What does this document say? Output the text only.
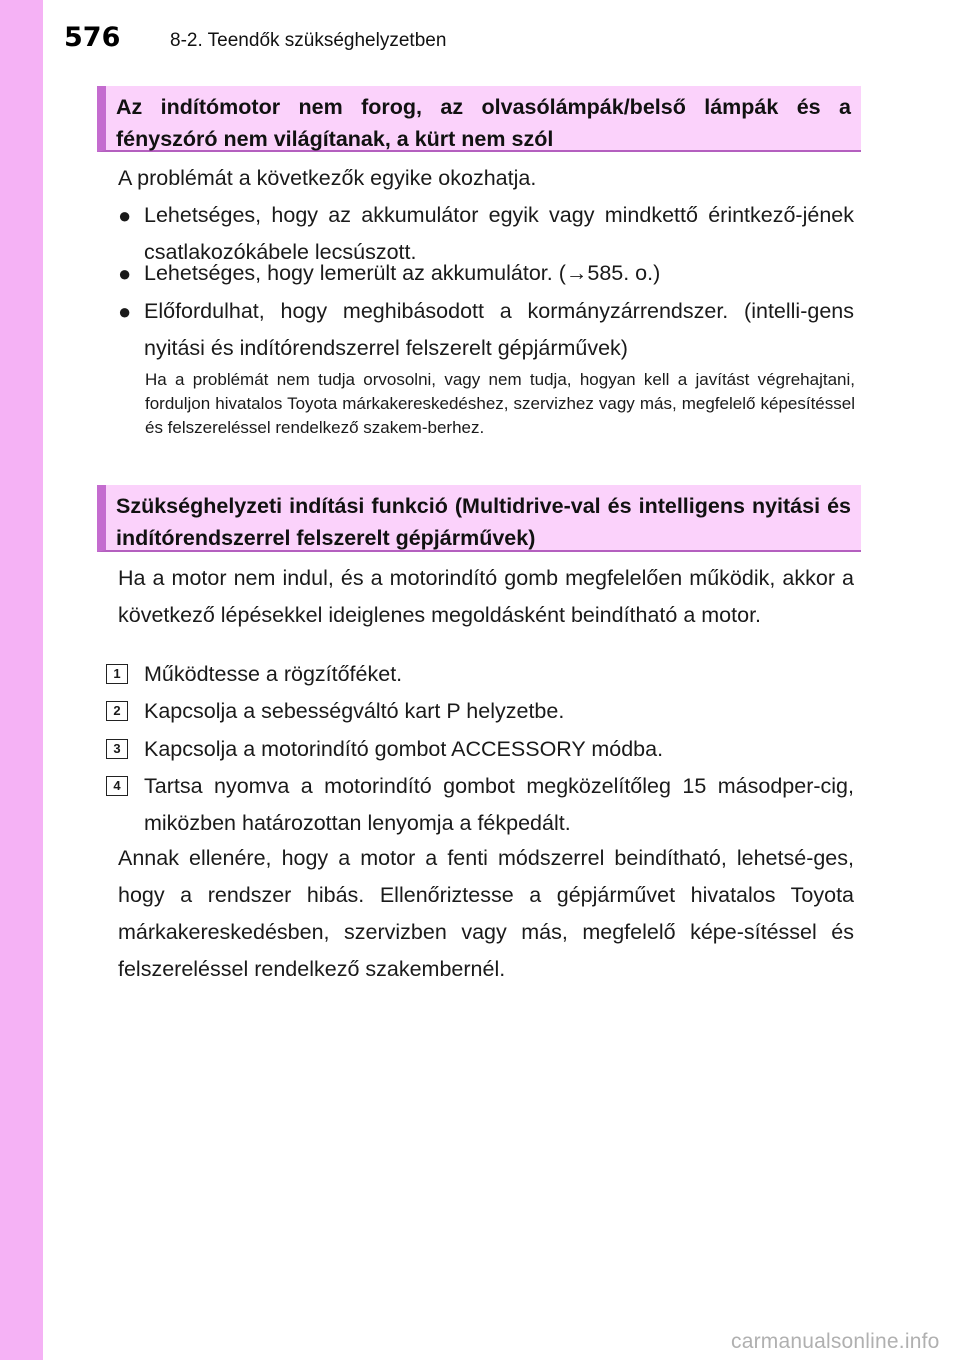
576	8-2. Teendők szükséghelyzetben
Az indítómotor nem forog, az olvasólámpák/belső lámpák és a fényszóró nem világítanak, a kürt nem szól
A problémát a következők egyike okozhatja.
● Lehetséges, hogy az akkumulátor egyik vagy mindkettő érintkező-jének csatlakozókábele lecsúszott.
● Lehetséges, hogy lemerült az akkumulátor. (→585. o.)
● Előfordulhat, hogy meghibásodott a kormányzárrendszer. (intelli-gens nyitási és indítórendszerrel felszerelt gépjárművek)
Ha a problémát nem tudja orvosolni, vagy nem tudja, hogyan kell a javítást végrehajtani, forduljon hivatalos Toyota márkakereskedéshez, szervizhez vagy más, megfelelő képesítéssel és felszereléssel rendelkező szakem-berhez.
Szükséghelyzeti indítási funkció (Multidrive-val és intelligens nyitási és indítórendszerrel felszerelt gépjárművek)
Ha a motor nem indul, és a motorindító gomb megfelelően működik, akkor a következő lépésekkel ideiglenes megoldásként beindítható a motor.
1	Működtesse a rögzítőféket.
2	Kapcsolja a sebességváltó kart P helyzetbe.
3	Kapcsolja a motorindító gombot ACCESSORY módba.
4	Tartsa nyomva a motorindító gombot megközelítőleg 15 másodper-cig, miközben határozottan lenyomja a fékpedált.
Annak ellenére, hogy a motor a fenti módszerrel beindítható, lehetsé-ges, hogy a rendszer hibás. Ellenőriztesse a gépjárművet hivatalos Toyota márkakereskedésben, szervizben vagy más, megfelelő képe-sítéssel és felszereléssel rendelkező szakembernél.
carmanualsonline.info
